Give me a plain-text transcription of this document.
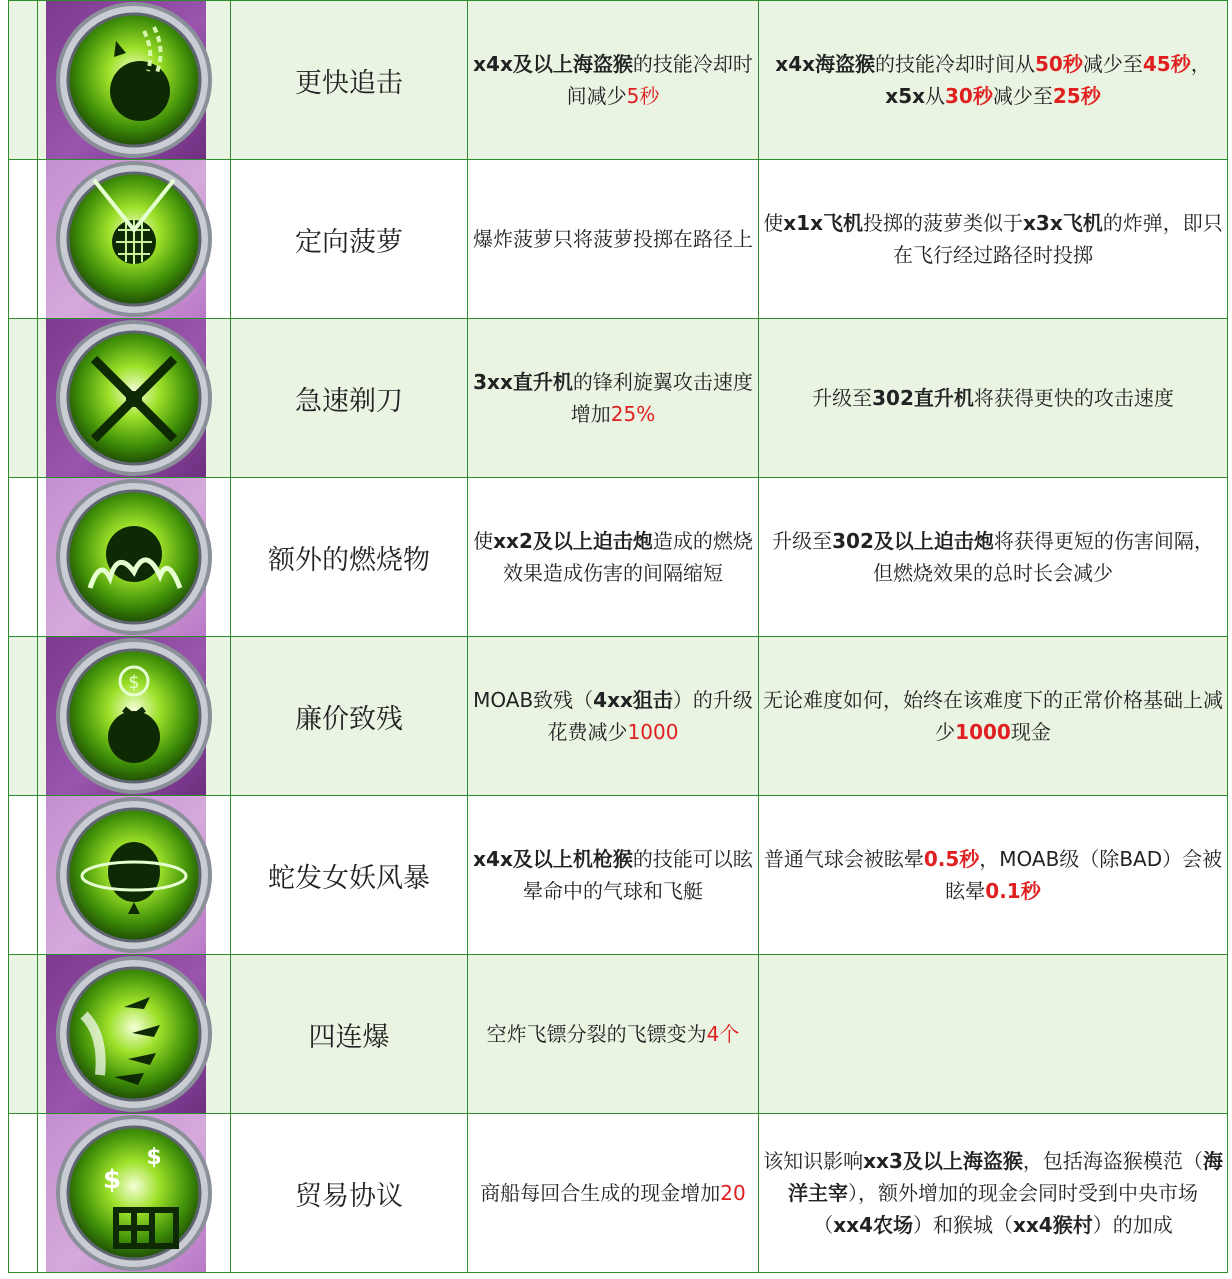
	更快追击	x4x及以上海盗猴的技能冷却时间减少5秒	x4x海盗猴的技能冷却时间从50秒减少至45秒，x5x从30秒减少至25秒

	定向菠萝	爆炸菠萝只将菠萝投掷在路径上	使x1x飞机投掷的菠萝类似于x3x飞机的炸弹，即只在飞行经过路径时投掷

	急速剃刀	3xx直升机的锋利旋翼攻击速度增加25%	升级至302直升机将获得更快的攻击速度

	额外的燃烧物	使xx2及以上迫击炮造成的燃烧效果造成伤害的间隔缩短	升级至302及以上迫击炮将获得更短的伤害间隔，但燃烧效果的总时长会减少

$	廉价致残	MOAB致残（4xx狙击）的升级花费减少1000	无论难度如何，始终在该难度下的正常价格基础上减少1000现金

	蛇发女妖风暴	x4x及以上机枪猴的技能可以眩晕命中的气球和飞艇	普通气球会被眩晕0.5秒，MOAB级（除BAD）会被眩晕0.1秒

	四连爆	空炸飞镖分裂的飞镖变为4个	

$
$	贸易协议	商船每回合生成的现金增加20	该知识影响xx3及以上海盗猴，包括海盗猴模范（海洋主宰），额外增加的现金会同时受到中央市场（xx4农场）和猴城（xx4猴村）的加成
